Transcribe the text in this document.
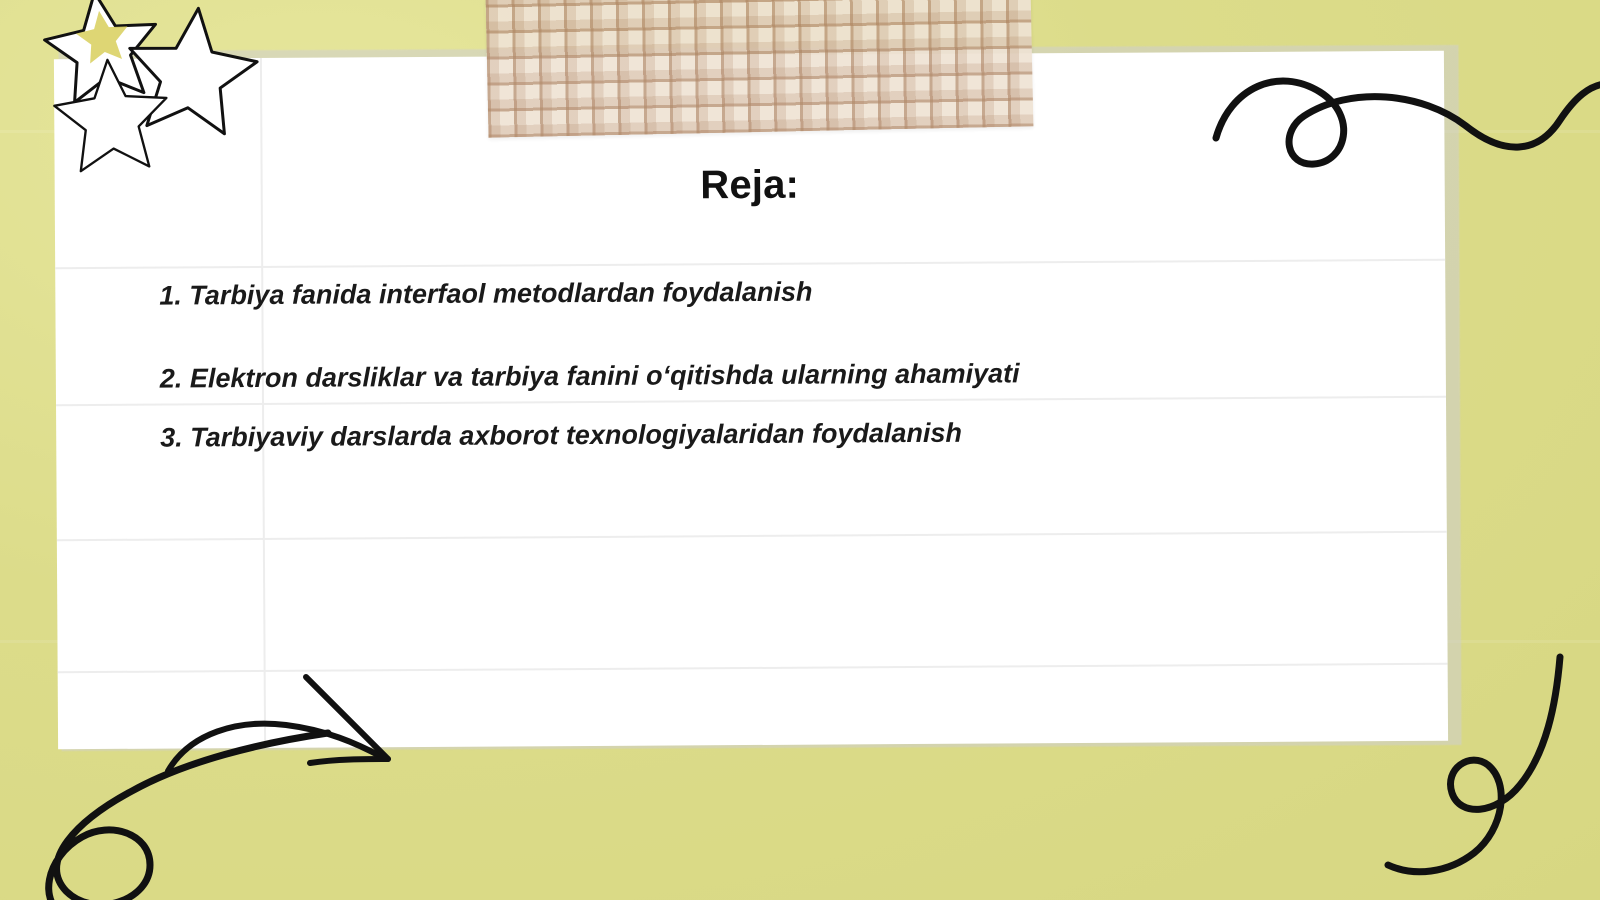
Reja:

1. Tarbiya fanida interfaol metodlardan foydalanish

2. Elektron darsliklar va tarbiya fanini o‘qitishda ularning ahamiyati

3. Tarbiyaviy darslarda axborot texnologiyalaridan foydalanish
